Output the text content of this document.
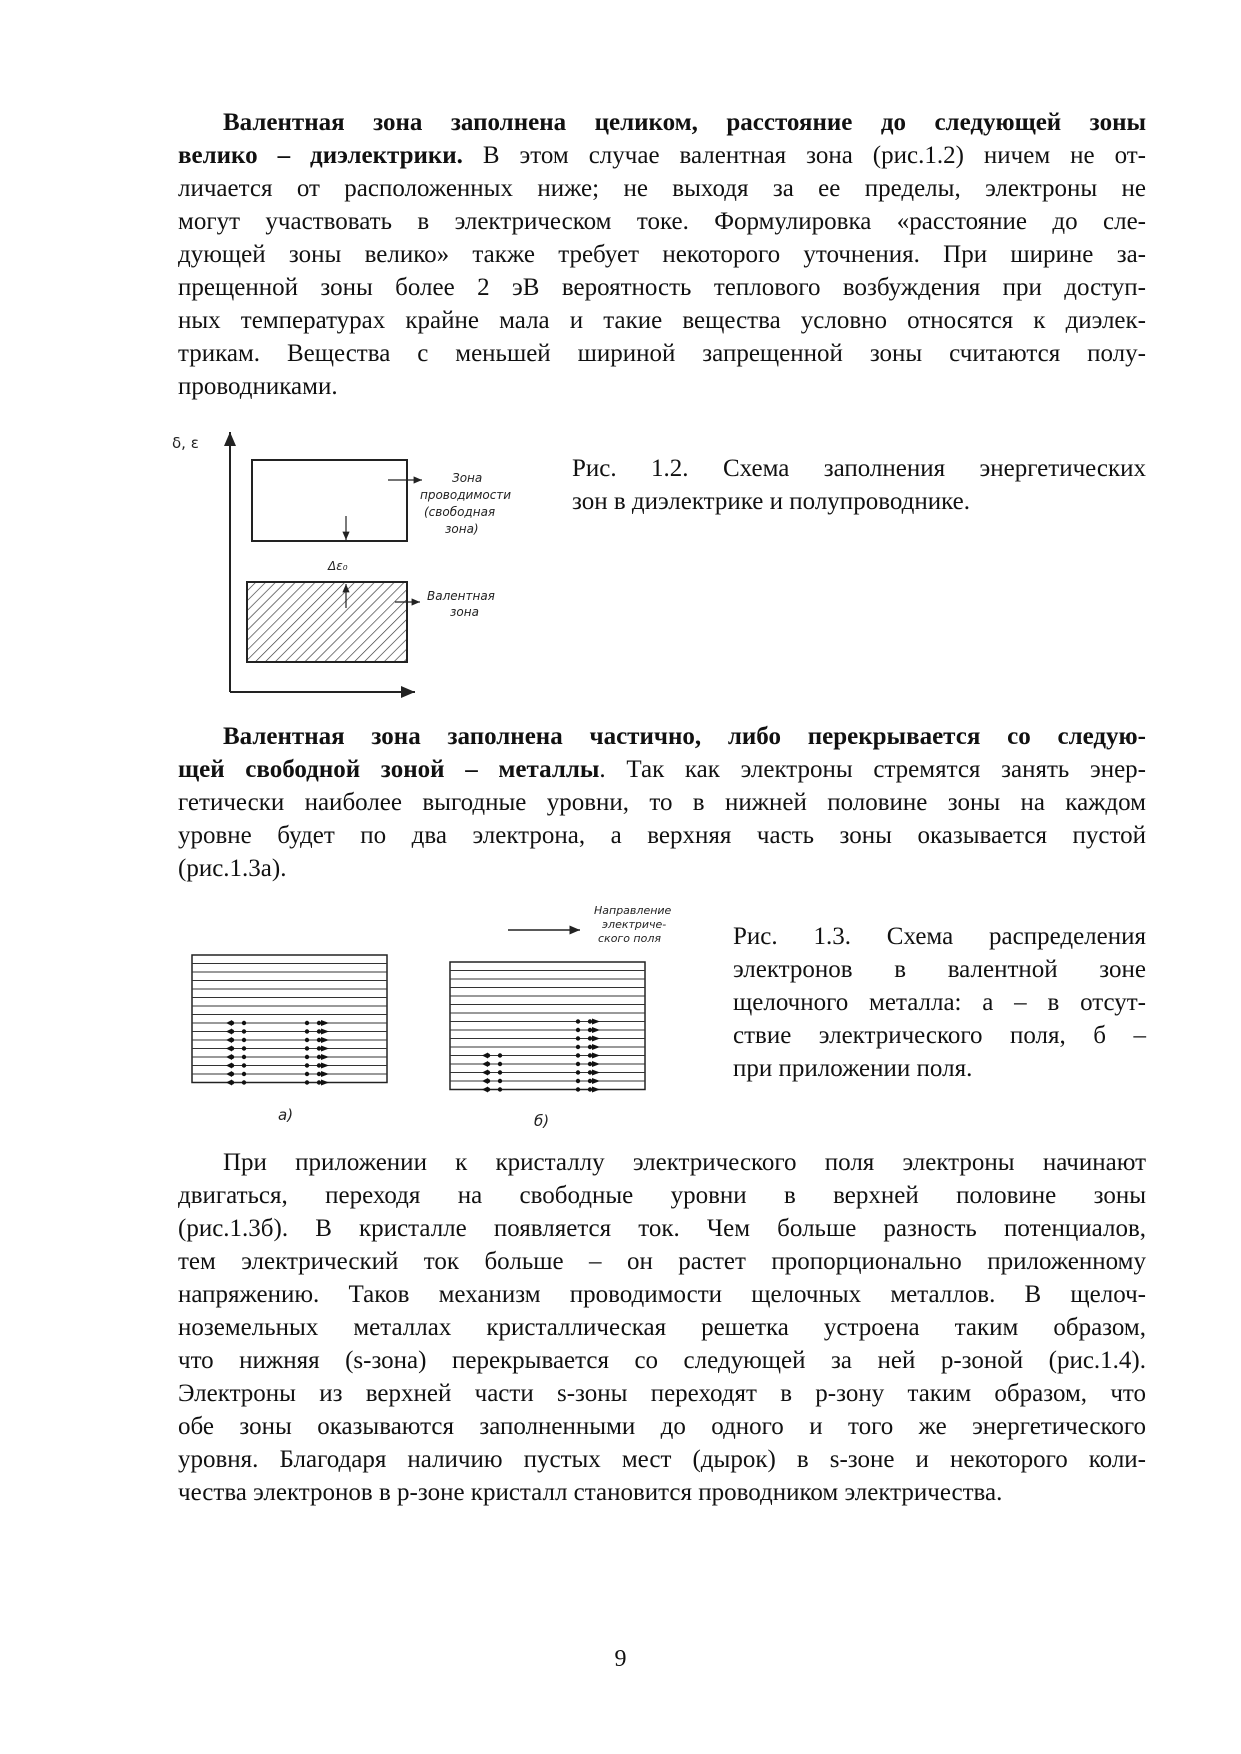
Валентная зона заполнена целиком, расстояние до следующей зоны
велико – диэлектрики. В этом случае валентная зона (рис.1.2) ничем не от-
личается от расположенных ниже; не выходя за ее пределы, электроны не
могут участвовать в электрическом токе. Формулировка «расстояние до сле-
дующей зоны велико» также требует некоторого уточнения. При ширине за-
прещенной зоны более 2 эВ вероятность теплового возбуждения при доступ-
ных температурах крайне мала и такие вещества условно относятся к диэлек-
трикам. Вещества с меньшей шириной запрещенной зоны считаются полу-
проводниками.
Валентная зона заполнена частично, либо перекрывается со следую-
щей свободной зоной – металлы. Так как электроны стремятся занять энер-
гетически наиболее выгодные уровни, то в нижней половине зоны на каждом
уровне будет по два электрона, а верхняя часть зоны оказывается пустой
(рис.1.3а).
При приложении к кристаллу электрического поля электроны начинают
двигаться, переходя на свободные уровни в верхней половине зоны
(рис.1.3б). В кристалле появляется ток. Чем больше разность потенциалов,
тем электрический ток больше – он растет пропорционально приложенному
напряжению. Таков механизм проводимости щелочных металлов. В щелоч-
ноземельных металлах кристаллическая решетка устроена таким образом,
что нижняя (s-зона) перекрывается со следующей за ней p-зоной (рис.1.4).
Электроны из верхней части s-зоны переходят в p-зону таким образом, что
обе зоны оказываются заполненными до одного и того же энергетического
уровня. Благодаря наличию пустых мест (дырок) в s-зоне и некоторого коли-
чества электронов в p-зоне кристалл становится проводником электричества.
δ, ε
Зона проводимости (свободная зона)
Δε₀
Валентная зона
Рис. 1.2. Схема заполнения энергетических
зон в диэлектрике и полупроводнике.
Направление электриче- ского поля
а)	б)
Рис. 1.3. Схема распределения
электронов в валентной зоне
щелочного металла: а – в отсут-
ствие электрического поля, б –
при приложении поля.
9
